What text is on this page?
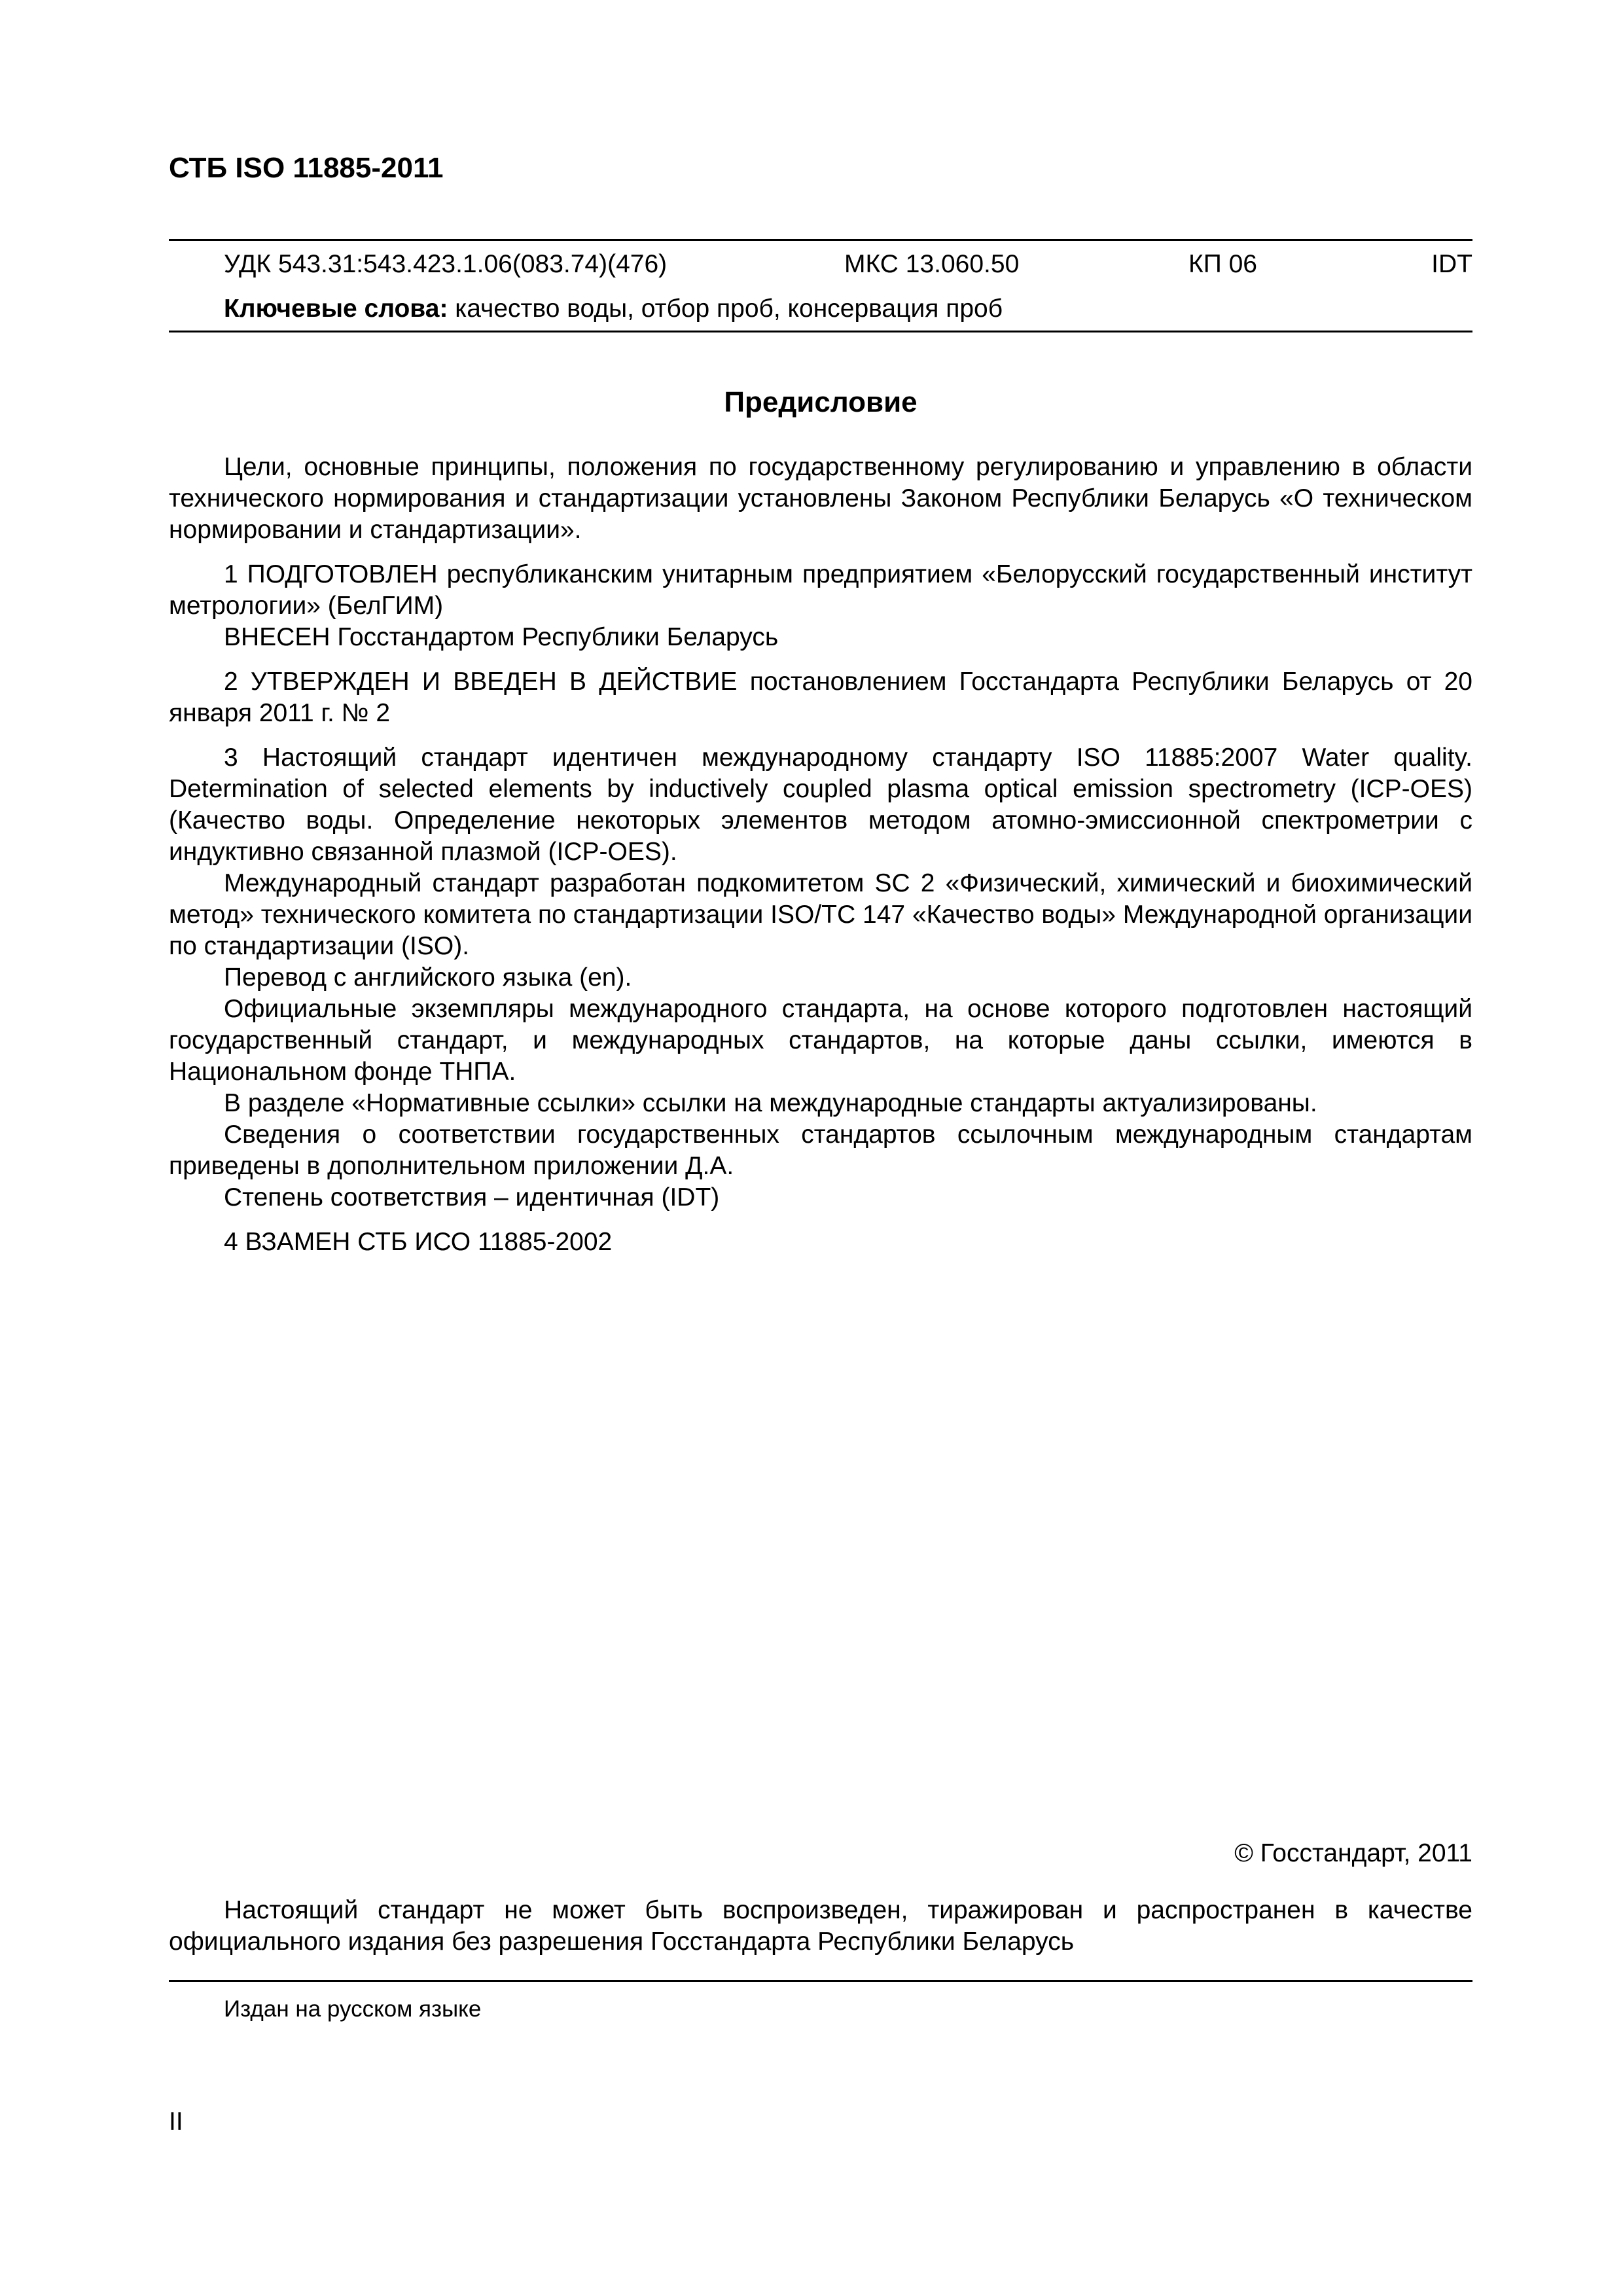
СТБ ISO 11885-2011
УДК 543.31:543.423.1.06(083.74)(476)	МКС 13.060.50	КП 06	IDT
Ключевые слова: качество воды, отбор проб, консервация проб
Предисловие

Цели, основные принципы, положения по государственному регулированию и управлению в области технического нормирования и стандартизации установлены Законом Республики Беларусь «О техническом нормировании и стандартизации».

1 ПОДГОТОВЛЕН республиканским унитарным предприятием «Белорусский государственный институт метрологии» (БелГИМ)

ВНЕСЕН Госстандартом Республики Беларусь

2 УТВЕРЖДЕН И ВВЕДЕН В ДЕЙСТВИЕ постановлением Госстандарта Республики Беларусь от 20 января 2011 г. № 2

3 Настоящий стандарт идентичен международному стандарту ISO 11885:2007 Water quality. Determination of selected elements by inductively coupled plasma optical emission spectrometry (ICP-OES) (Качество воды. Определение некоторых элементов методом атомно-эмиссионной спектрометрии с индуктивно связанной плазмой (ICP-OES).

Международный стандарт разработан подкомитетом SC 2 «Физический, химический и биохимический метод» технического комитета по стандартизации ISO/TC 147 «Качество воды» Международной организации по стандартизации (ISO).

Перевод с английского языка (en).

Официальные экземпляры международного стандарта, на основе которого подготовлен настоящий государственный стандарт, и международных стандартов, на которые даны ссылки, имеются в Национальном фонде ТНПА.

В разделе «Нормативные ссылки» ссылки на международные стандарты актуализированы.

Сведения о соответствии государственных стандартов ссылочным международным стандартам приведены в дополнительном приложении Д.А.

Степень соответствия – идентичная (IDT)

4 ВЗАМЕН СТБ ИСО 11885-2002

© Госстандарт, 2011
Настоящий стандарт не может быть воспроизведен, тиражирован и распространен в качестве официального издания без разрешения Госстандарта Республики Беларусь
Издан на русском языке
II
